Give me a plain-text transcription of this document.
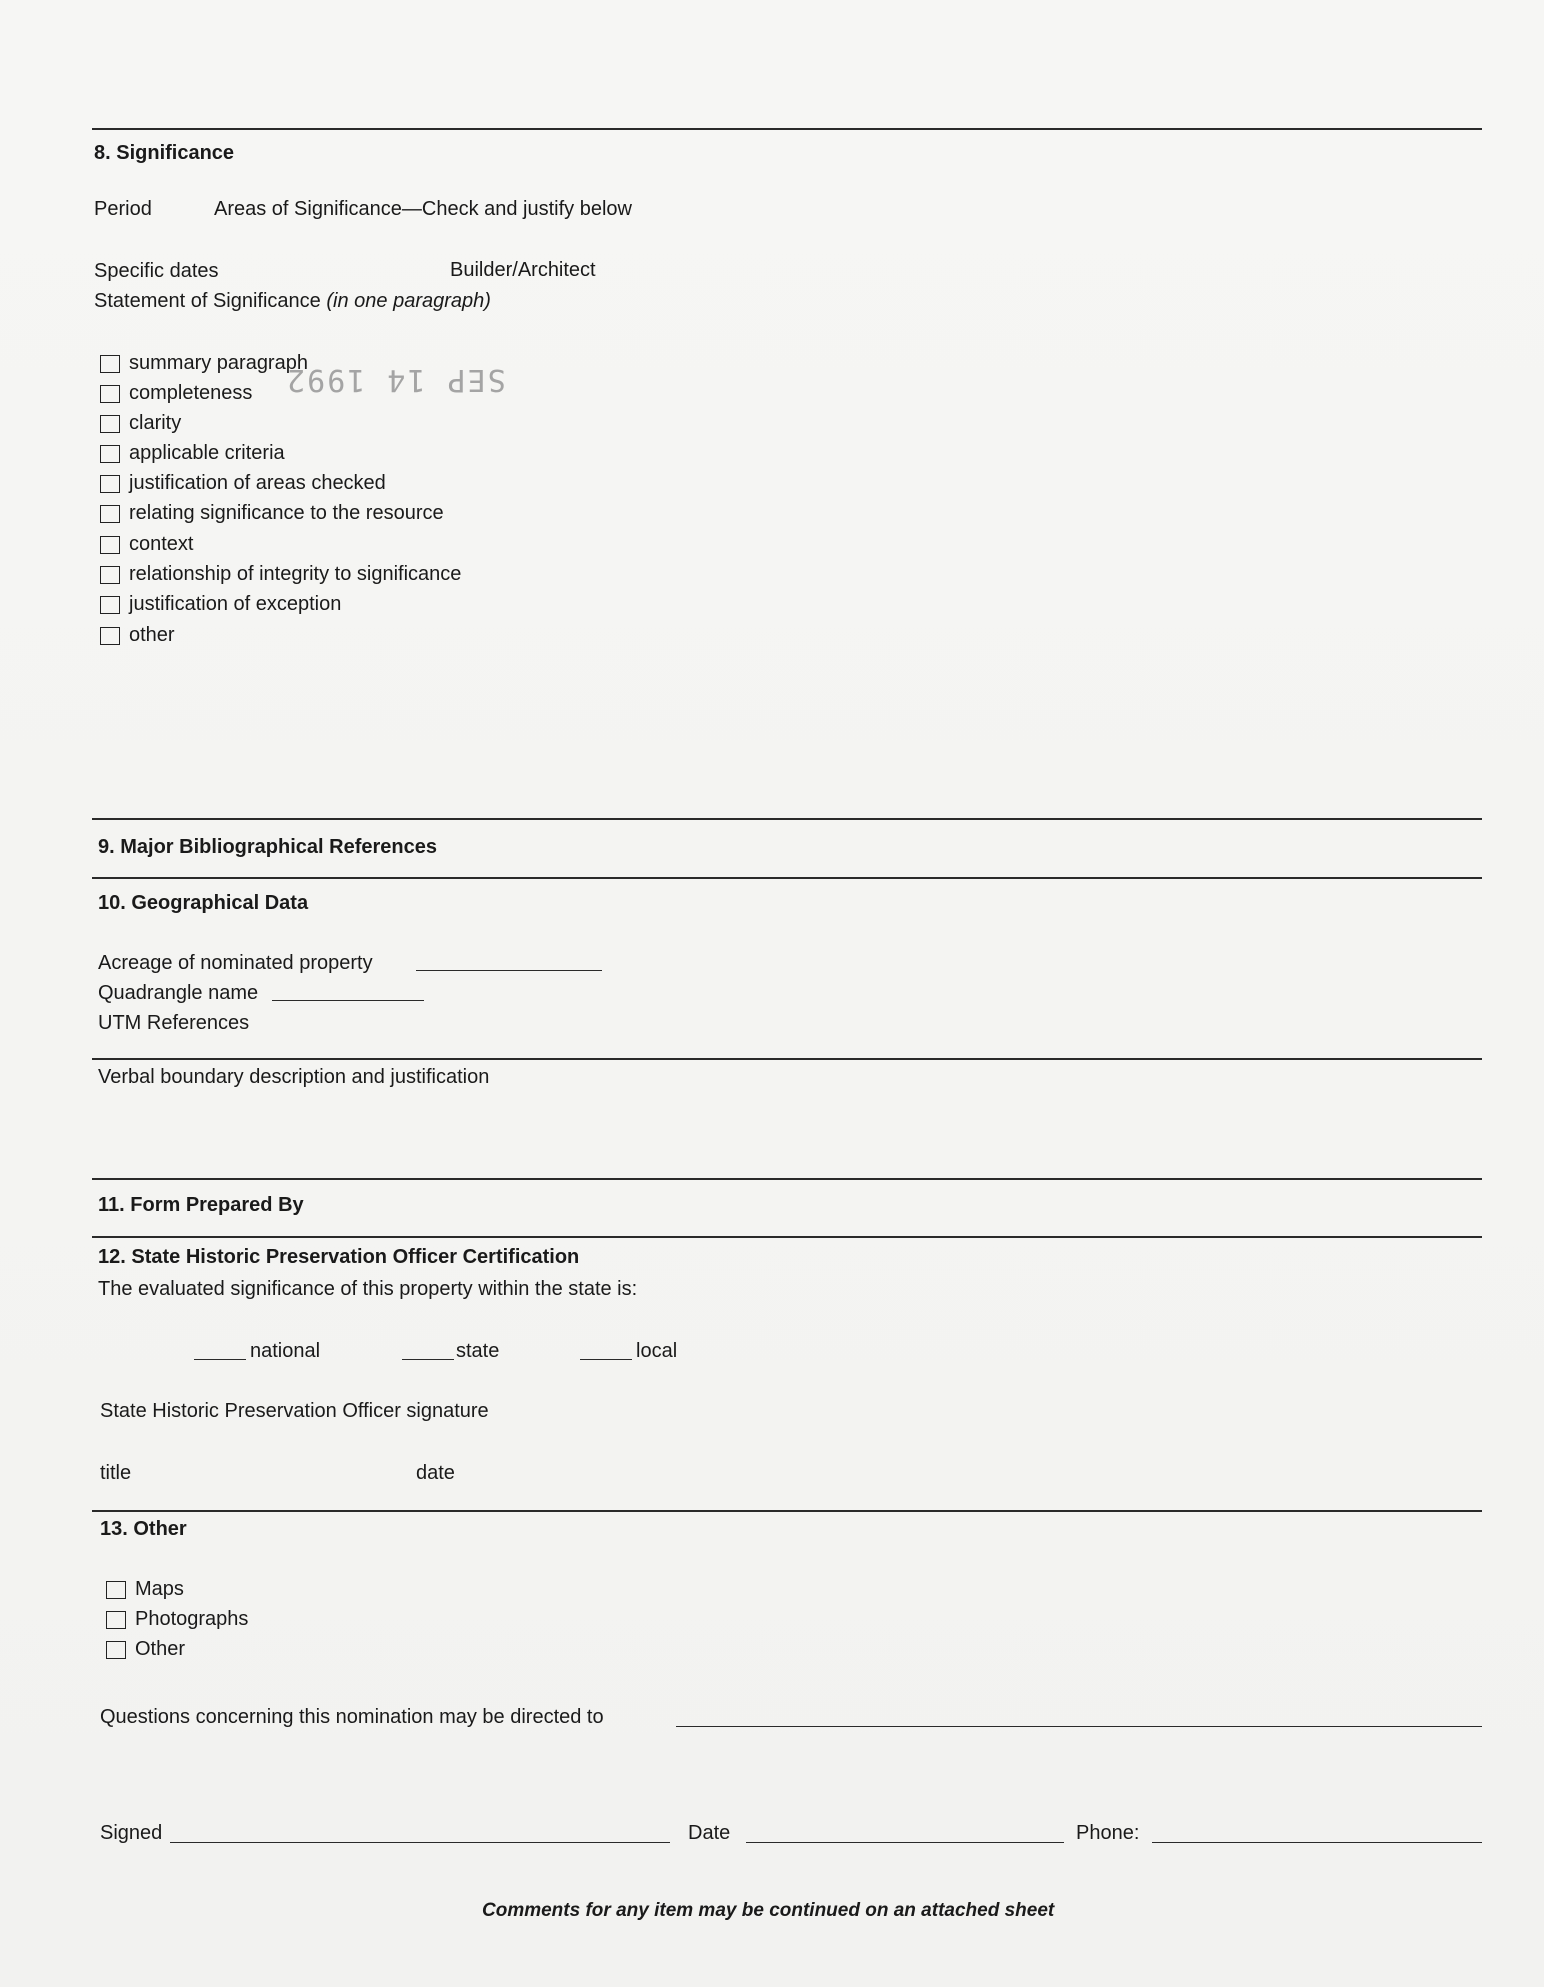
8. Significance
Period	Areas of Significance—Check and justify below
Specific dates	Builder/Architect
Statement of Significance (in one paragraph)
SEP 14 1992
summary paragraph
completeness
clarity
applicable criteria
justification of areas checked
relating significance to the resource
context
relationship of integrity to significance
justification of exception
other
9. Major Bibliographical References
10. Geographical Data
Acreage of nominated property
Quadrangle name
UTM References
Verbal boundary description and justification
11. Form Prepared By
12. State Historic Preservation Officer Certification
The evaluated significance of this property within the state is:
national	state	local
State Historic Preservation Officer signature
title	date
13. Other
Maps
Photographs
Other
Questions concerning this nomination may be directed to
Signed	Date	Phone:
Comments for any item may be continued on an attached sheet
